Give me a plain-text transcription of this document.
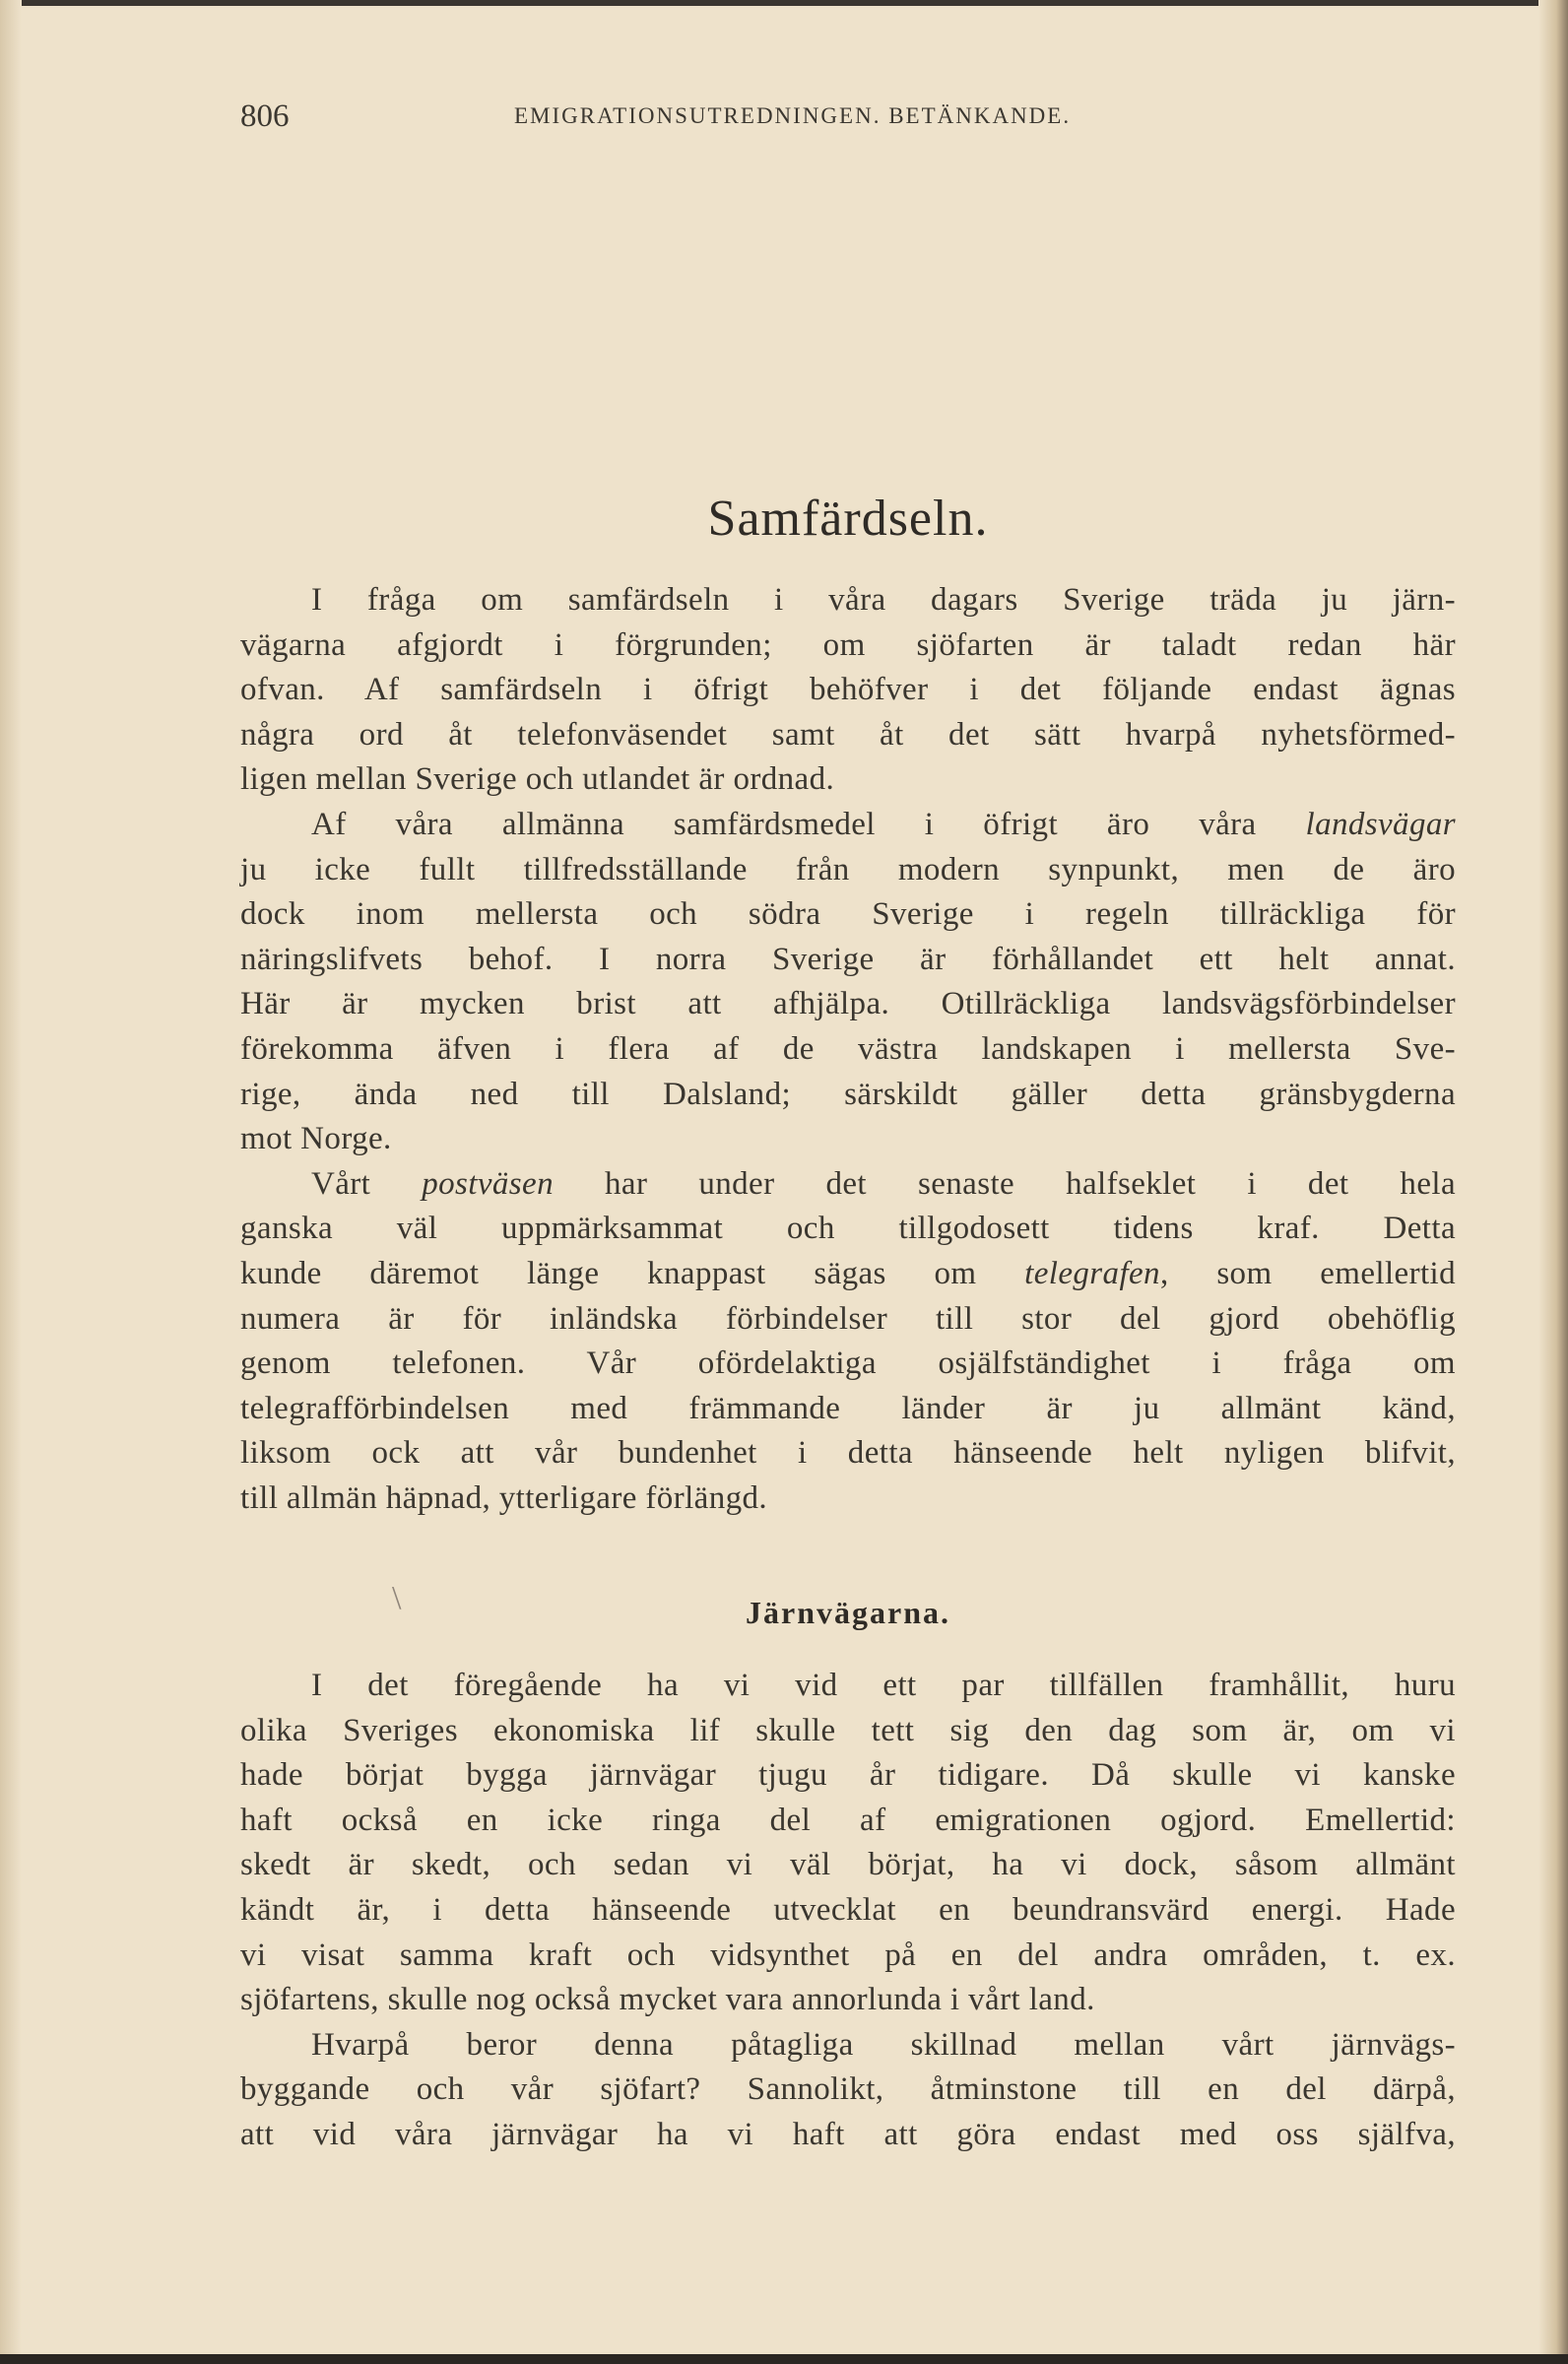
806	EMIGRATIONSUTREDNINGEN. BETÄNKANDE.
Samfärdseln.
I fråga om samfärdseln i våra dagars Sverige träda ju järn-
vägarna afgjordt i förgrunden; om sjöfarten är taladt redan här
ofvan. Af samfärdseln i öfrigt behöfver i det följande endast ägnas
några ord åt telefonväsendet samt åt det sätt hvarpå nyhetsförmed-
ligen mellan Sverige och utlandet är ordnad.
Af våra allmänna samfärdsmedel i öfrigt äro våra landsvägar
ju icke fullt tillfredsställande från modern synpunkt, men de äro
dock inom mellersta och södra Sverige i regeln tillräckliga för
näringslifvets behof. I norra Sverige är förhållandet ett helt annat.
Här är mycken brist att afhjälpa. Otillräckliga landsvägsförbindelser
förekomma äfven i flera af de västra landskapen i mellersta Sve-
rige, ända ned till Dalsland; särskildt gäller detta gränsbygderna
mot Norge.
Vårt postväsen har under det senaste halfseklet i det hela
ganska väl uppmärksammat och tillgodosett tidens kraf. Detta
kunde däremot länge knappast sägas om telegrafen, som emellertid
numera är för inländska förbindelser till stor del gjord obehöflig
genom telefonen. Vår ofördelaktiga osjälfständighet i fråga om
telegrafförbindelsen med främmande länder är ju allmänt känd,
liksom ock att vår bundenhet i detta hänseende helt nyligen blifvit,
till allmän häpnad, ytterligare förlängd.
\	Järnvägarna.
I det föregående ha vi vid ett par tillfällen framhållit, huru
olika Sveriges ekonomiska lif skulle tett sig den dag som är, om vi
hade börjat bygga järnvägar tjugu år tidigare. Då skulle vi kanske
haft också en icke ringa del af emigrationen ogjord. Emellertid:
skedt är skedt, och sedan vi väl börjat, ha vi dock, såsom allmänt
kändt är, i detta hänseende utvecklat en beundransvärd energi. Hade
vi visat samma kraft och vidsynthet på en del andra områden, t. ex.
sjöfartens, skulle nog också mycket vara annorlunda i vårt land.
Hvarpå beror denna påtagliga skillnad mellan vårt järnvägs-
byggande och vår sjöfart? Sannolikt, åtminstone till en del därpå,
att vid våra järnvägar ha vi haft att göra endast med oss själfva,
